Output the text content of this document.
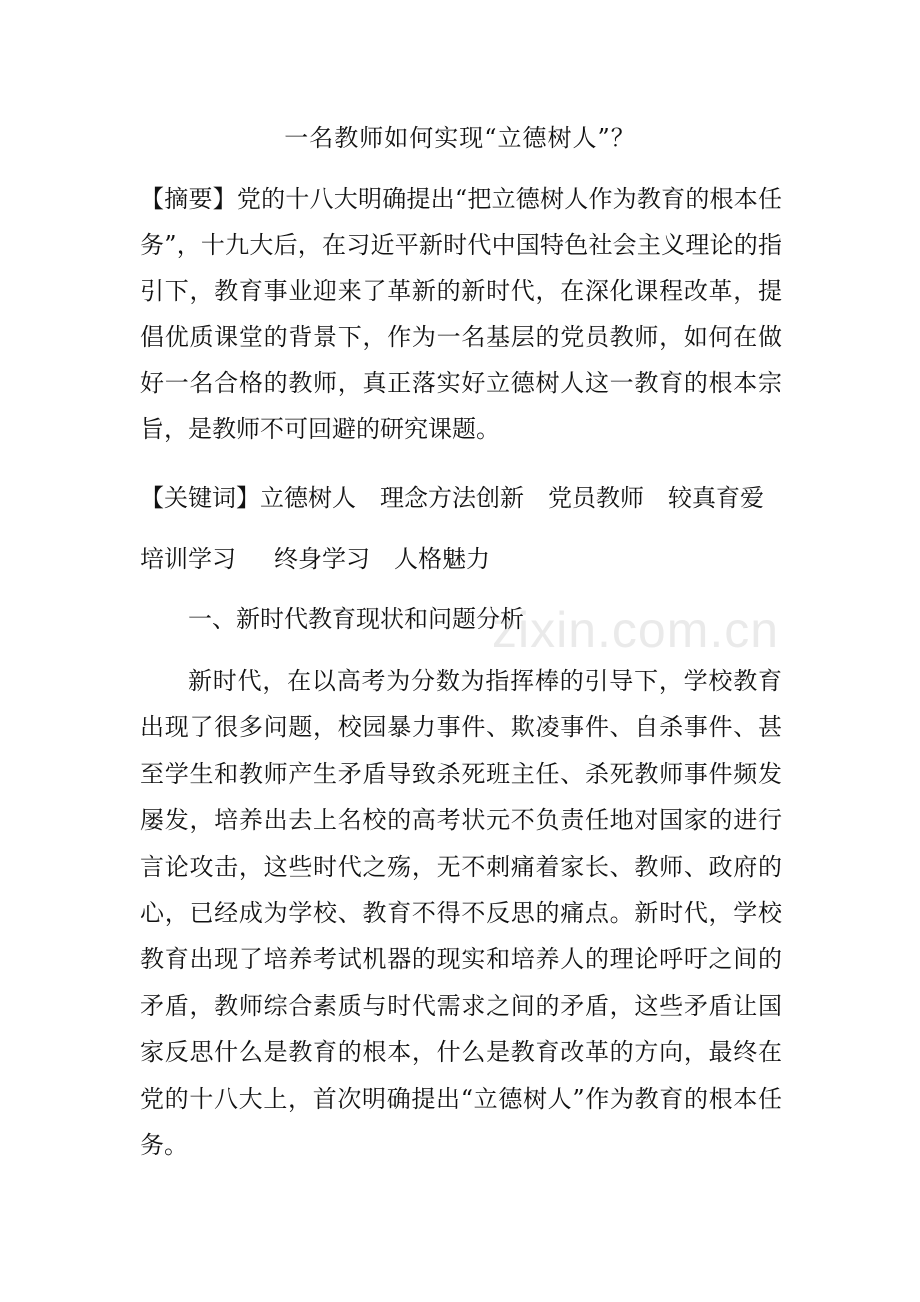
一名教师如何实现“立德树人”？

【摘要】党的十八大明确提出“把立德树人作为教育的根本任务”，十九大后，在习近平新时代中国特色社会主义理论的指引下，教育事业迎来了革新的新时代，在深化课程改革，提倡优质课堂的背景下，作为一名基层的党员教师，如何在做好一名合格的教师，真正落实好立德树人这一教育的根本宗旨，是教师不可回避的研究课题。

【关键词】立德树人 理念方法创新 党员教师 较真育爱

培训学习 终身学习 人格魅力

一、新时代教育现状和问题分析

新时代，在以高考为分数为指挥棒的引导下，学校教育出现了很多问题，校园暴力事件、欺凌事件、自杀事件、甚至学生和教师产生矛盾导致杀死班主任、杀死教师事件频发屡发，培养出去上名校的高考状元不负责任地对国家的进行言论攻击，这些时代之殇，无不刺痛着家长、教师、政府的心，已经成为学校、教育不得不反思的痛点。新时代，学校教育出现了培养考试机器的现实和培养人的理论呼吁之间的矛盾，教师综合素质与时代需求之间的矛盾，这些矛盾让国家反思什么是教育的根本，什么是教育改革的方向，最终在党的十八大上，首次明确提出“立德树人”作为教育的根本任务。

zixin.com.cn
